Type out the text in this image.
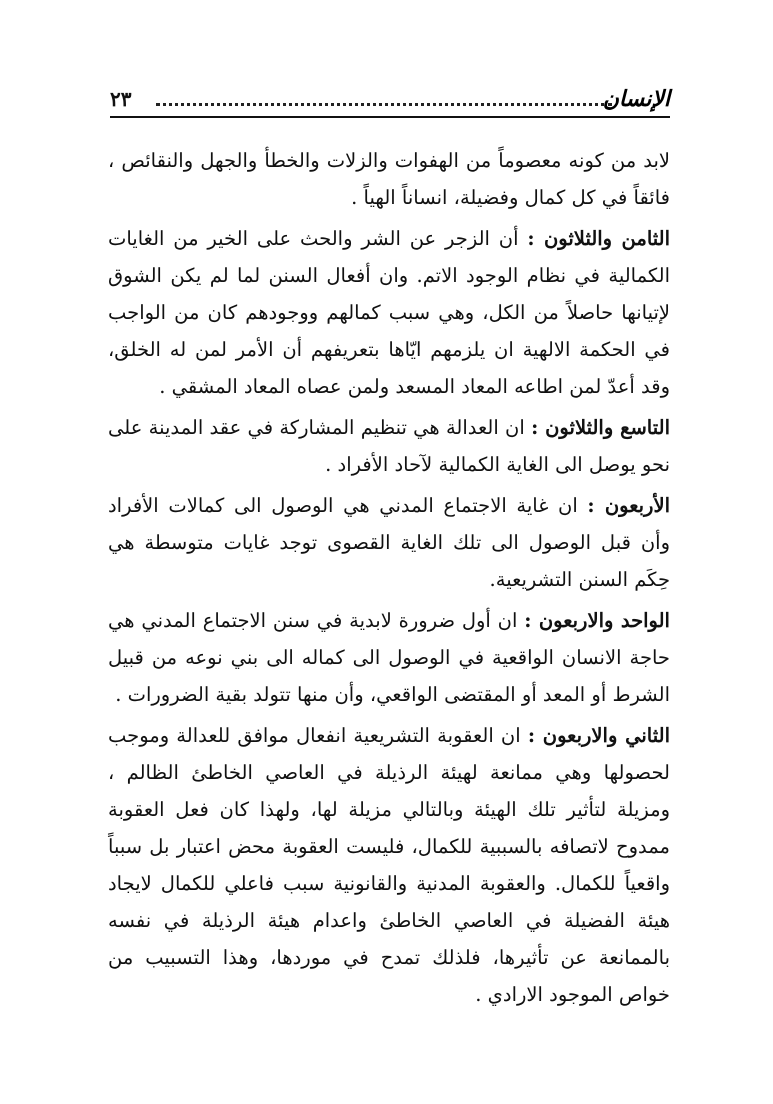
الإنسان
٢٣

لابد من كونه معصوماً من الهفوات والزلات والخطأ والجهل والنقائص ، فائقاً في كل كمال وفضيلة، انساناً الهياً .

الثامن والثلاثون : أن الزجر عن الشر والحث على الخير من الغايات الكمالية في نظام الوجود الاتم. وان أفعال السنن لما لم يكن الشوق لإتيانها حاصلاً من الكل، وهي سبب كمالهم ووجودهم كان من الواجب في الحكمة الالهية ان يلزمهم ايّاها بتعريفهم أن الأمر لمن له الخلق، وقد أعدّ لمن اطاعه المعاد المسعد ولمن عصاه المعاد المشقي .

التاسع والثلاثون : ان العدالة هي تنظيم المشاركة في عقد المدينة على نحو يوصل الى الغاية الكمالية لآحاد الأفراد .

الأربعون : ان غاية الاجتماع المدني هي الوصول الى كمالات الأفراد وأن قبل الوصول الى تلك الغاية القصوى توجد غايات متوسطة هي حِكَم السنن التشريعية.

الواحد والاربعون : ان أول ضرورة لابدية في سنن الاجتماع المدني هي حاجة الانسان الواقعية في الوصول الى كماله الى بني نوعه من قبيل الشرط أو المعد أو المقتضى الواقعي، وأن منها تتولد بقية الضرورات .

الثاني والاربعون : ان العقوبة التشريعية انفعال موافق للعدالة وموجب لحصولها وهي ممانعة لهيئة الرذيلة في العاصي الخاطئ الظالم ، ومزيلة لتأثير تلك الهيئة وبالتالي مزيلة لها، ولهذا كان فعل العقوبة ممدوح لاتصافه بالسببية للكمال، فليست العقوبة محض اعتبار بل سبباً واقعياً للكمال. والعقوبة المدنية والقانونية سبب فاعلي للكمال لايجاد هيئة الفضيلة في العاصي الخاطئ واعدام هيئة الرذيلة في نفسه بالممانعة عن تأثيرها، فلذلك تمدح في موردها، وهذا التسبيب من خواص الموجود الارادي .
